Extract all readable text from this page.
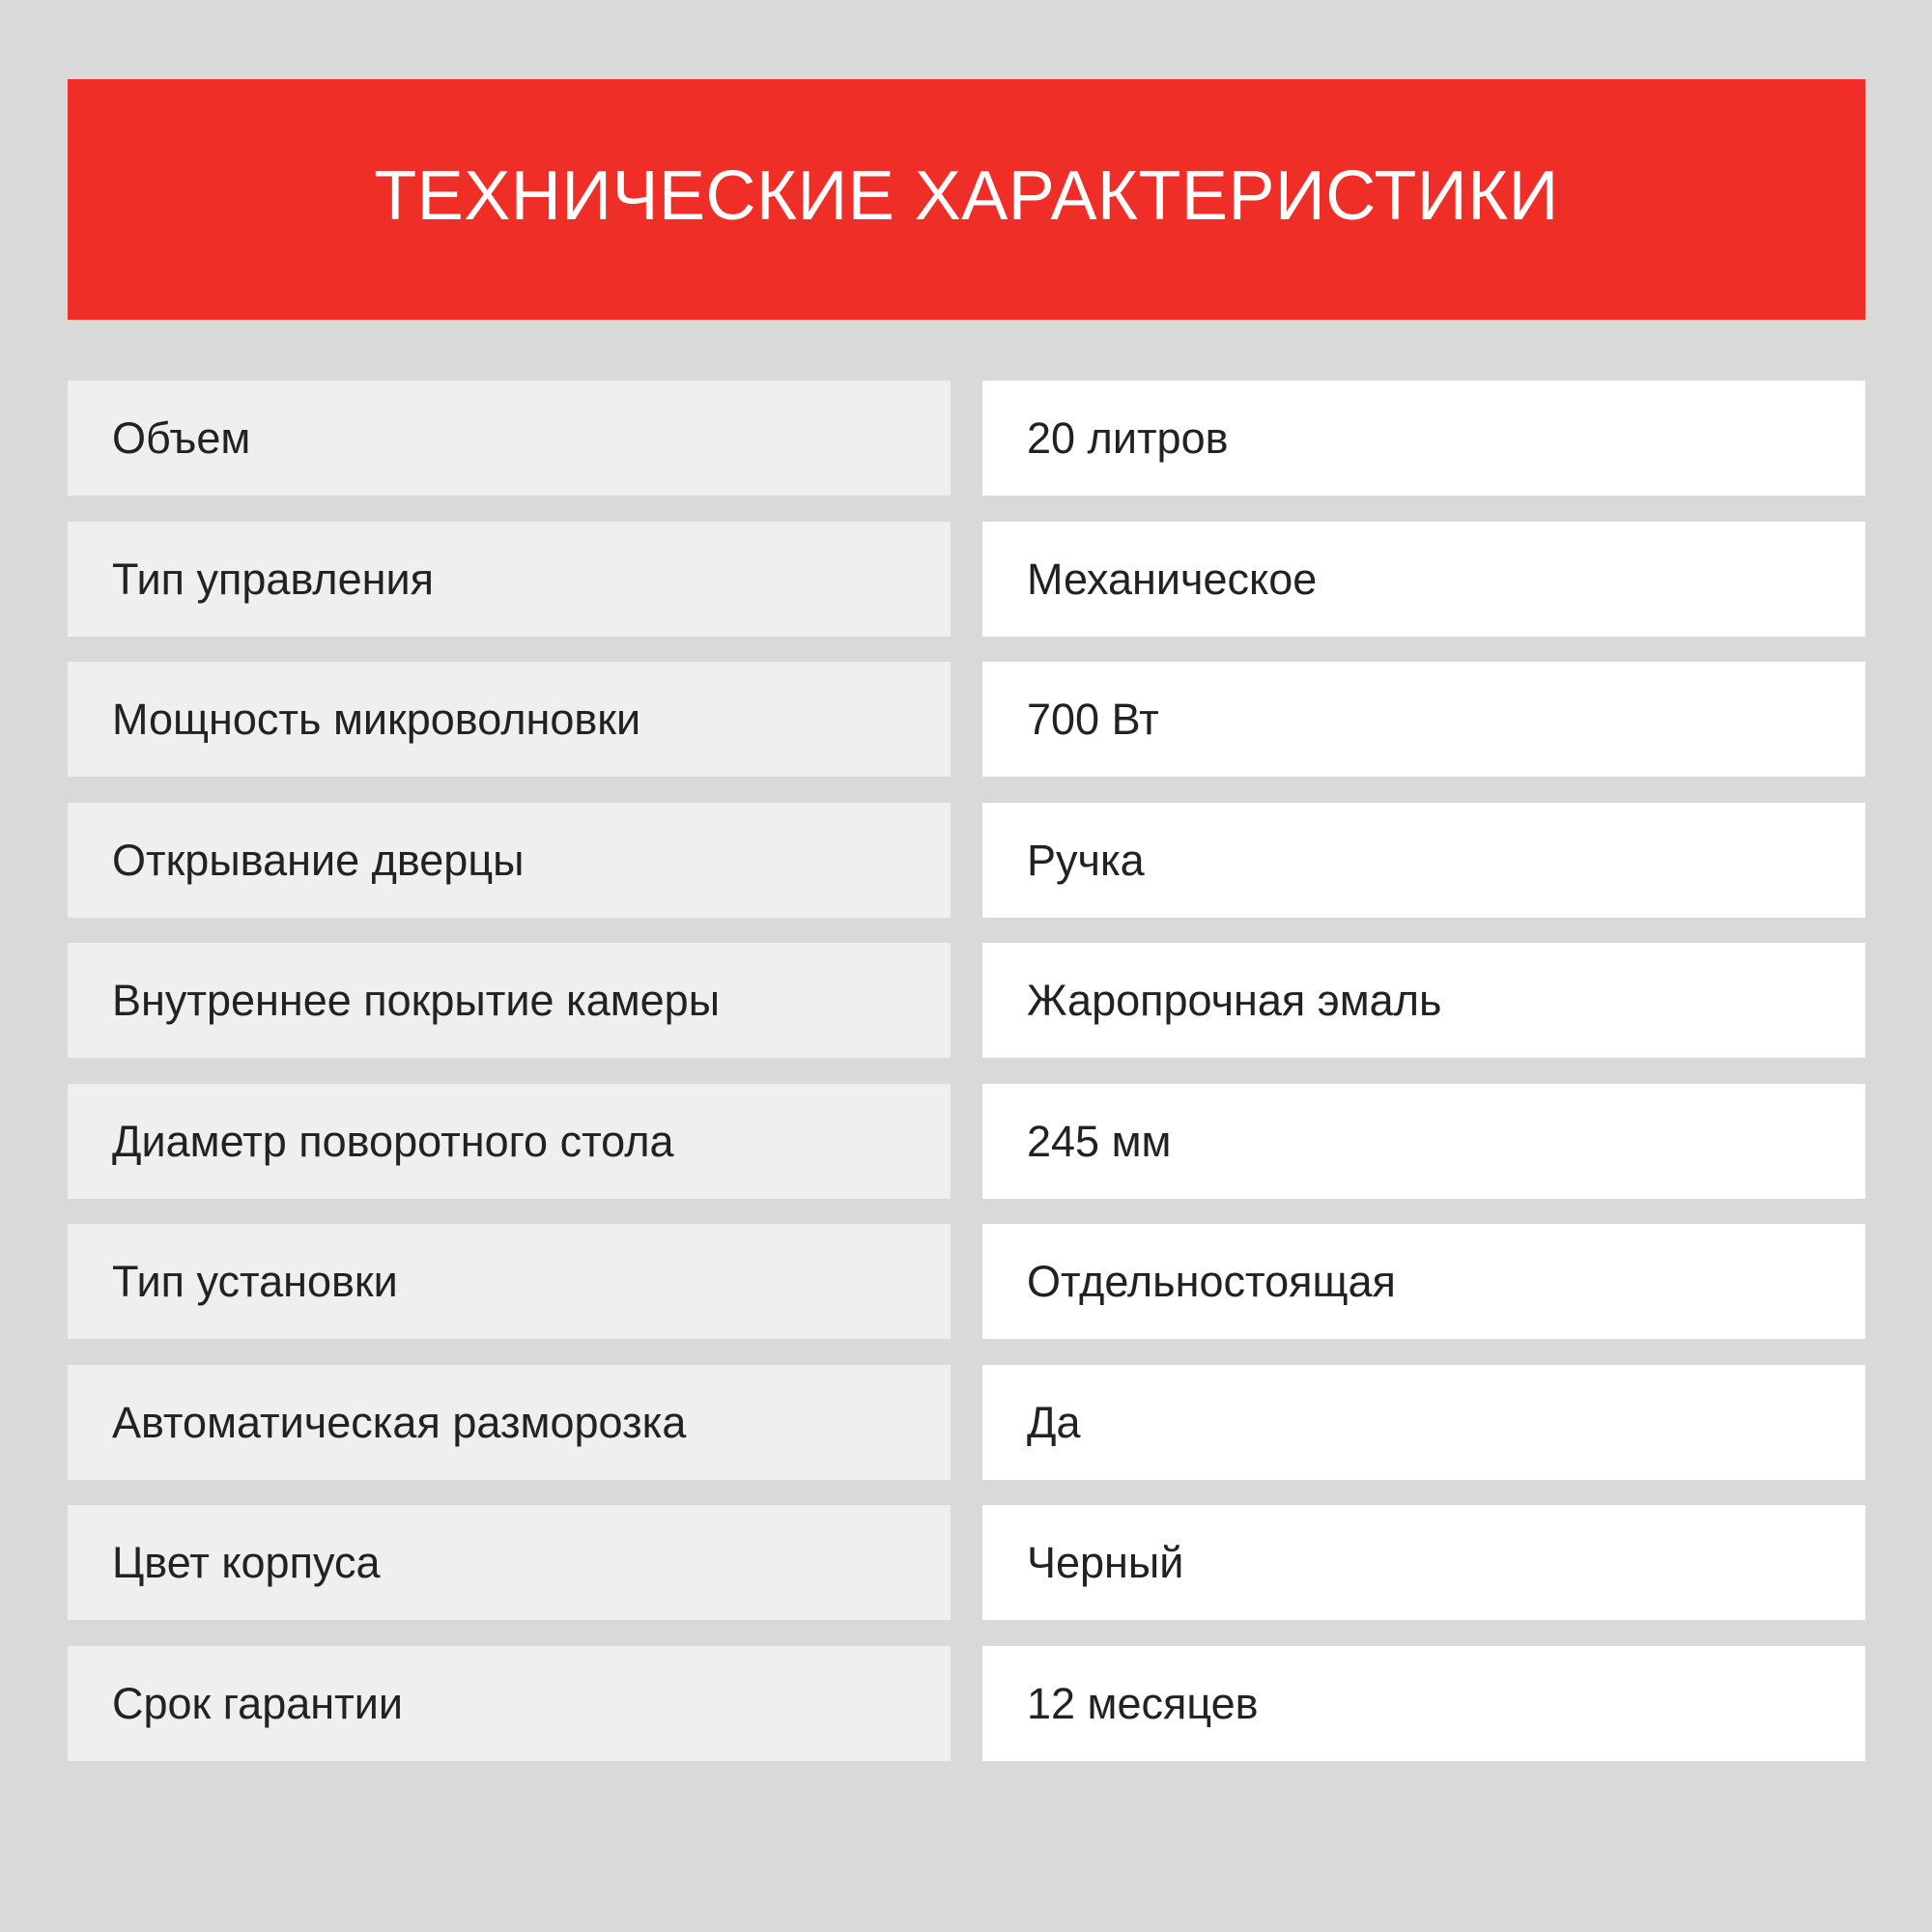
ТЕХНИЧЕСКИЕ ХАРАКТЕРИСТИКИ
Объем	20 литров
Тип управления	Механическое
Мощность микроволновки	700 Вт
Открывание дверцы	Ручка
Внутреннее покрытие камеры	Жаропрочная эмаль
Диаметр поворотного стола	245 мм
Тип установки	Отдельностоящая
Автоматическая разморозка	Да
Цвет корпуса	Черный
Срок гарантии	12 месяцев
